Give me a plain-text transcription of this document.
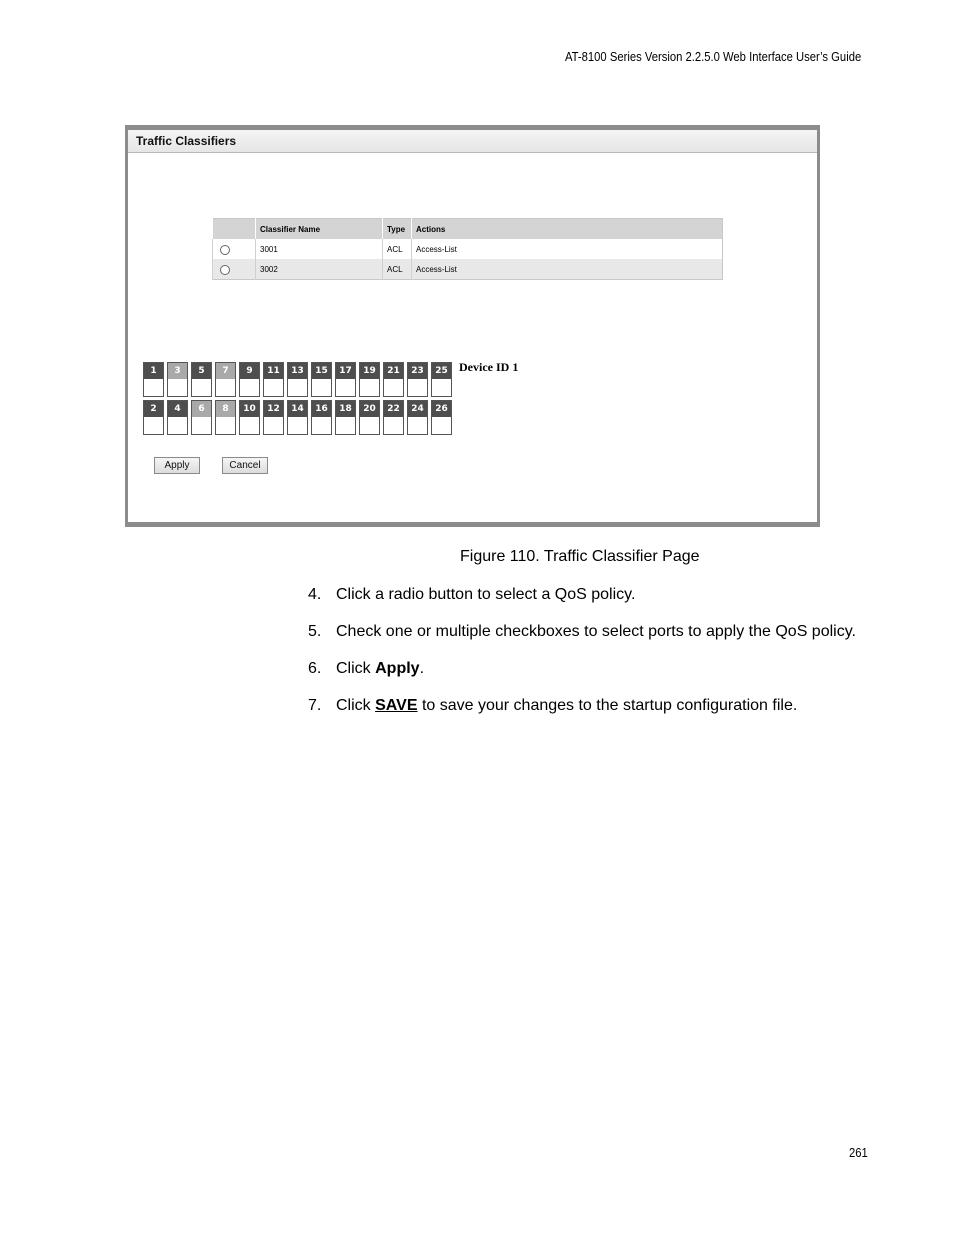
AT-8100 Series Version 2.2.5.0 Web Interface User’s Guide
Traffic Classifiers
	Classifier Name	Type	Actions
	3001	ACL	Access-List
	3002	ACL	Access-List
1	3	5	7	9	11	13	15	17	19	21	23	25
2	4	6	8	10	12	14	16	18	20	22	24	26
Device ID 1
Apply	Cancel
Figure 110. Traffic Classifier Page
4. Click a radio button to select a QoS policy.
5. Check one or multiple checkboxes to select ports to apply the QoS policy.
6. Click Apply.
7. Click SAVE to save your changes to the startup configuration file.
261
